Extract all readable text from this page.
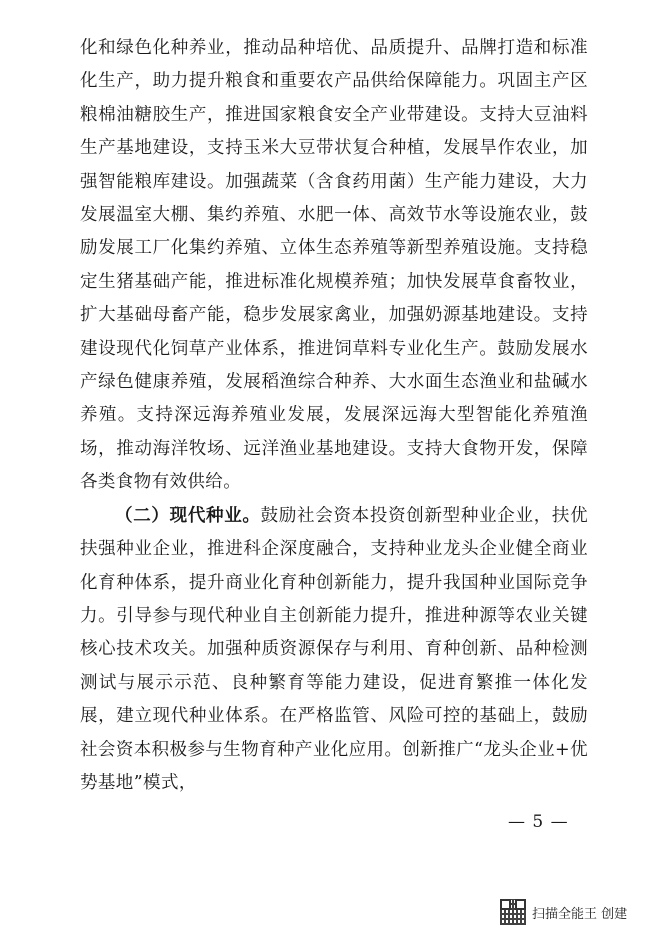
化和绿色化种养业，推动品种培优、品质提升、品牌打造和标准化生产，助力提升粮食和重要农产品供给保障能力。巩固主产区粮棉油糖胶生产，推进国家粮食安全产业带建设。支持大豆油料生产基地建设，支持玉米大豆带状复合种植，发展旱作农业，加强智能粮库建设。加强蔬菜（含食药用菌）生产能力建设，大力发展温室大棚、集约养殖、水肥一体、高效节水等设施农业，鼓励发展工厂化集约养殖、立体生态养殖等新型养殖设施。支持稳定生猪基础产能，推进标准化规模养殖；加快发展草食畜牧业，扩大基础母畜产能，稳步发展家禽业，加强奶源基地建设。支持建设现代化饲草产业体系，推进饲草料专业化生产。鼓励发展水产绿色健康养殖，发展稻渔综合种养、大水面生态渔业和盐碱水养殖。支持深远海养殖业发展，发展深远海大型智能化养殖渔场，推动海洋牧场、远洋渔业基地建设。支持大食物开发，保障各类食物有效供给。

（二）现代种业。鼓励社会资本投资创新型种业企业，扶优扶强种业企业，推进科企深度融合，支持种业龙头企业健全商业化育种体系，提升商业化育种创新能力，提升我国种业国际竞争力。引导参与现代种业自主创新能力提升，推进种源等农业关键核心技术攻关。加强种质资源保存与利用、育种创新、品种检测测试与展示示范、良种繁育等能力建设，促进育繁推一体化发展，建立现代种业体系。在严格监管、风险可控的基础上，鼓励社会资本积极参与生物育种产业化应用。创新推广“龙头企业+优势基地”模式，

— 5 —
扫描全能王 创建
